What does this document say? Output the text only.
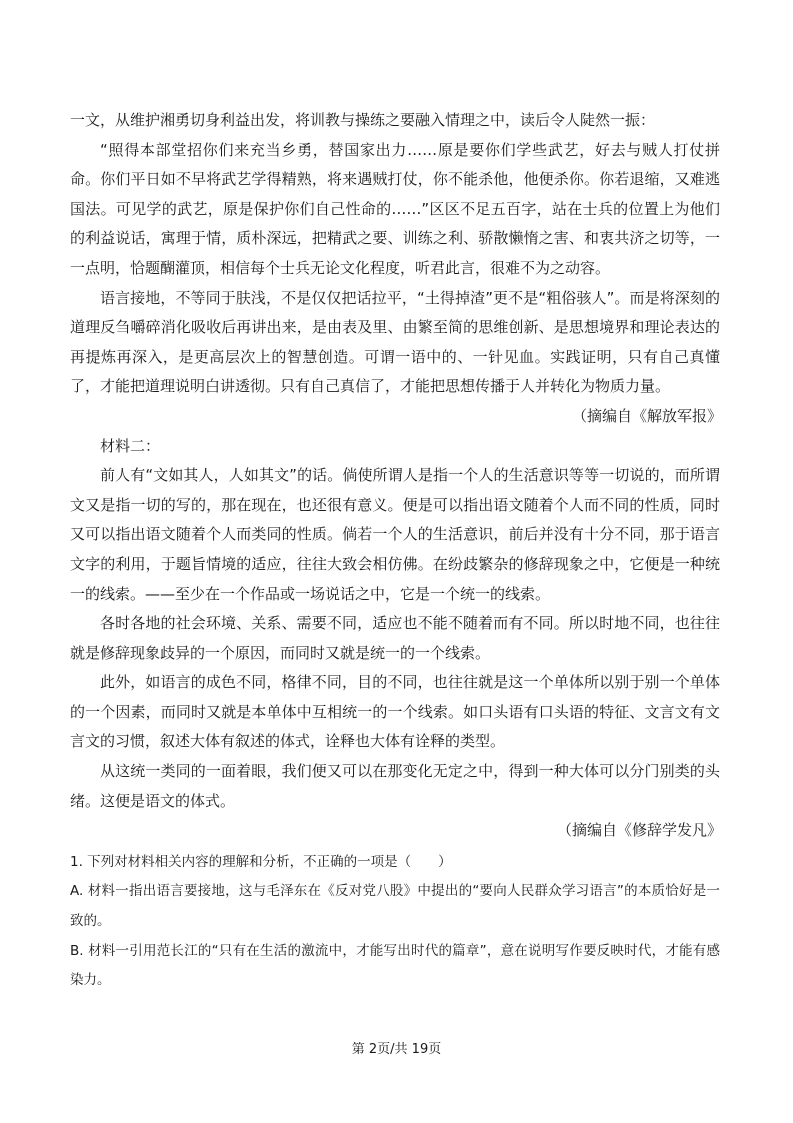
一文，从维护湘勇切身利益出发，将训教与操练之要融入情理之中，读后令人陡然一振：

“照得本部堂招你们来充当乡勇，替国家出力……原是要你们学些武艺，好去与贼人打仗拼命。你们平日如不早将武艺学得精熟，将来遇贼打仗，你不能杀他，他便杀你。你若退缩，又难逃国法。可见学的武艺，原是保护你们自己性命的……”区区不足五百字，站在士兵的位置上为他们的利益说话，寓理于情，质朴深远，把精武之要、训练之利、骄散懒惰之害、和衷共济之切等，一一点明，恰题醐灌顶，相信每个士兵无论文化程度，听君此言，很难不为之动容。

语言接地，不等同于肤浅，不是仅仅把话拉平，“土得掉渣”更不是“粗俗骇人”。而是将深刻的道理反刍嚼碎消化吸收后再讲出来，是由表及里、由繁至简的思维创新、是思想境界和理论表达的再提炼再深入，是更高层次上的智慧创造。可谓一语中的、一针见血。实践证明，只有自己真懂了，才能把道理说明白讲透彻。只有自己真信了，才能把思想传播于人并转化为物质力量。

（摘编自《解放军报》

材料二：

前人有“文如其人，人如其文”的话。倘使所谓人是指一个人的生活意识等等一切说的，而所谓文又是指一切的写的，那在现在，也还很有意义。便是可以指出语文随着个人而不同的性质，同时又可以指出语文随着个人而类同的性质。倘若一个人的生活意识，前后并没有十分不同，那于语言文字的利用，于题旨情境的适应，往往大致会相仿佛。在纷歧繁杂的修辞现象之中，它便是一种统一的线索。——至少在一个作品或一场说话之中，它是一个统一的线索。

各时各地的社会环境、关系、需要不同，适应也不能不随着而有不同。所以时地不同，也往往就是修辞现象歧异的一个原因，而同时又就是统一的一个线索。

此外，如语言的成色不同，格律不同，目的不同，也往往就是这一个单体所以别于别一个单体的一个因素，而同时又就是本单体中互相统一的一个线索。如口头语有口头语的特征、文言文有文言文的习惯，叙述大体有叙述的体式，诠释也大体有诠释的类型。

从这统一类同的一面着眼，我们便又可以在那变化无定之中，得到一种大体可以分门别类的头绪。这便是语文的体式。

（摘编自《修辞学发凡》

1. 下列对材料相关内容的理解和分析，不正确的一项是（　　）

A. 材料一指出语言要接地，这与毛泽东在《反对党八股》中提出的“要向人民群众学习语言”的本质恰好是一致的。

B. 材料一引用范长江的“只有在生活的激流中，才能写出时代的篇章”，意在说明写作要反映时代，才能有感染力。

第 2页/共 19页
